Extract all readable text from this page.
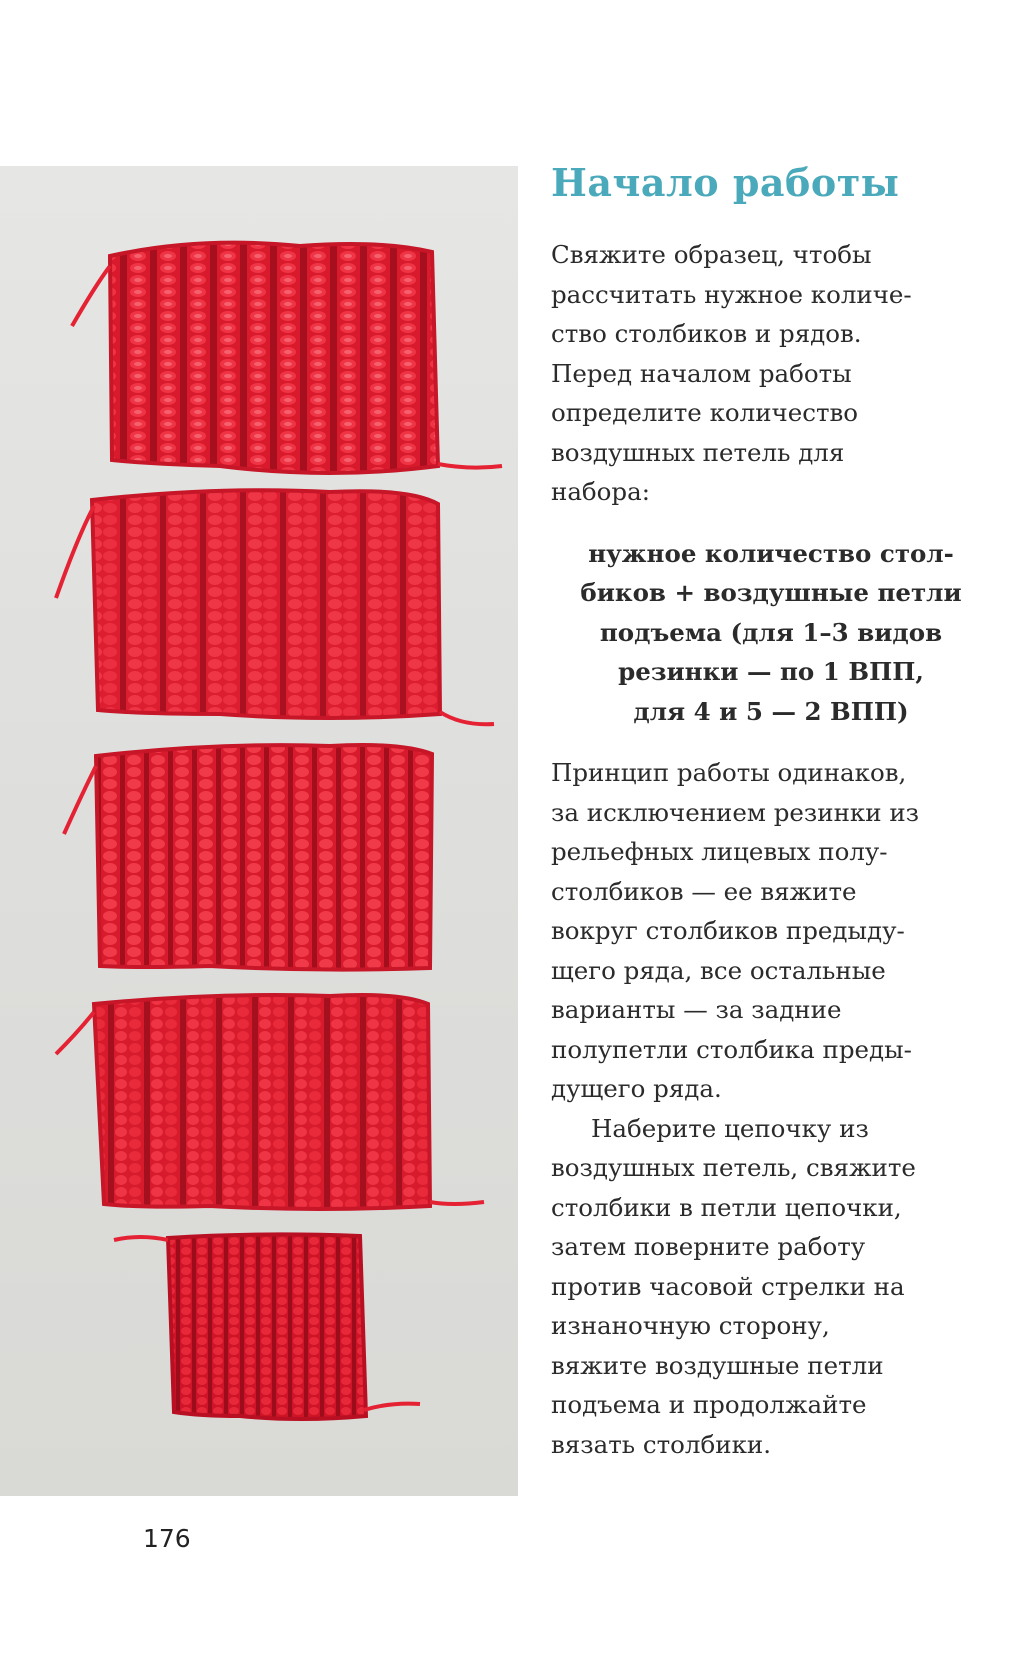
Начало работы

Свяжите образец, чтобы
рассчитать нужное количе-
ство столбиков и рядов.
Перед началом работы
определите количество
воздушных петель для
набора:

нужное количество стол-
биков + воздушные петли
подъема (для 1–3 видов
резинки — по 1 ВПП,
для 4 и 5 — 2 ВПП)

Принцип работы одинаков,
за исключением резинки из
рельефных лицевых полу-
столбиков — ее вяжите
вокруг столбиков предыду-
щего ряда, все остальные
варианты — за задние
полупетли столбика преды-
дущего ряда.

Наберите цепочку из
воздушных петель, свяжите
столбики в петли цепочки,
затем поверните работу
против часовой стрелки на
изнаночную сторону,
вяжите воздушные петли
подъема и продолжайте
вязать столбики.

176
